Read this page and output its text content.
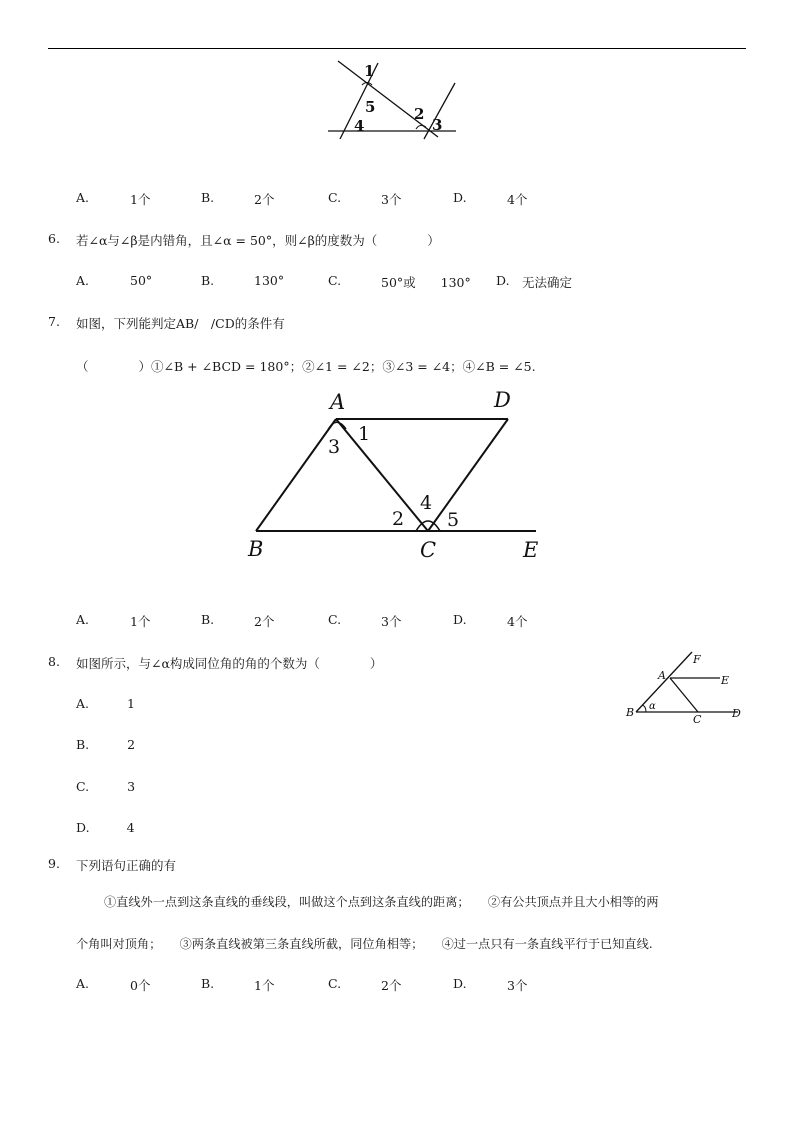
1
5	2
3
4
A.	1个	B.	2个	C.	3个	D.	4个
6. 若∠α与∠β是内错角，且∠α = 50°，则∠β的度数为（　　　　）
A.	50°	B.	130°	C.	50°或　　130° D. 无法确定
7. 如图，下列能判定AB/　/CD的条件有
（　　　　）①∠B + ∠BCD = 180°；②∠1 = ∠2；③∠3 = ∠4；④∠B = ∠5.
A	D
B	C	E
1
3
2
4
5
A.	1个	B.	2个	C.	3个	D.	4个
8. 如图所示，与∠α构成同位角的角的个数为（　　　　）	F
A	E
B α
C	D
A.	1
B.	2
C.	3
D.	4
9. 下列语句正确的有
①直线外一点到这条直线的垂线段，叫做这个点到这条直线的距离；　　②有公共顶点并且大小相等的两
个角叫对顶角；　　③两条直线被第三条直线所截，同位角相等；　　④过一点只有一条直线平行于已知直线.
A.	0个	B.	1个	C.	2个	D.	3个
